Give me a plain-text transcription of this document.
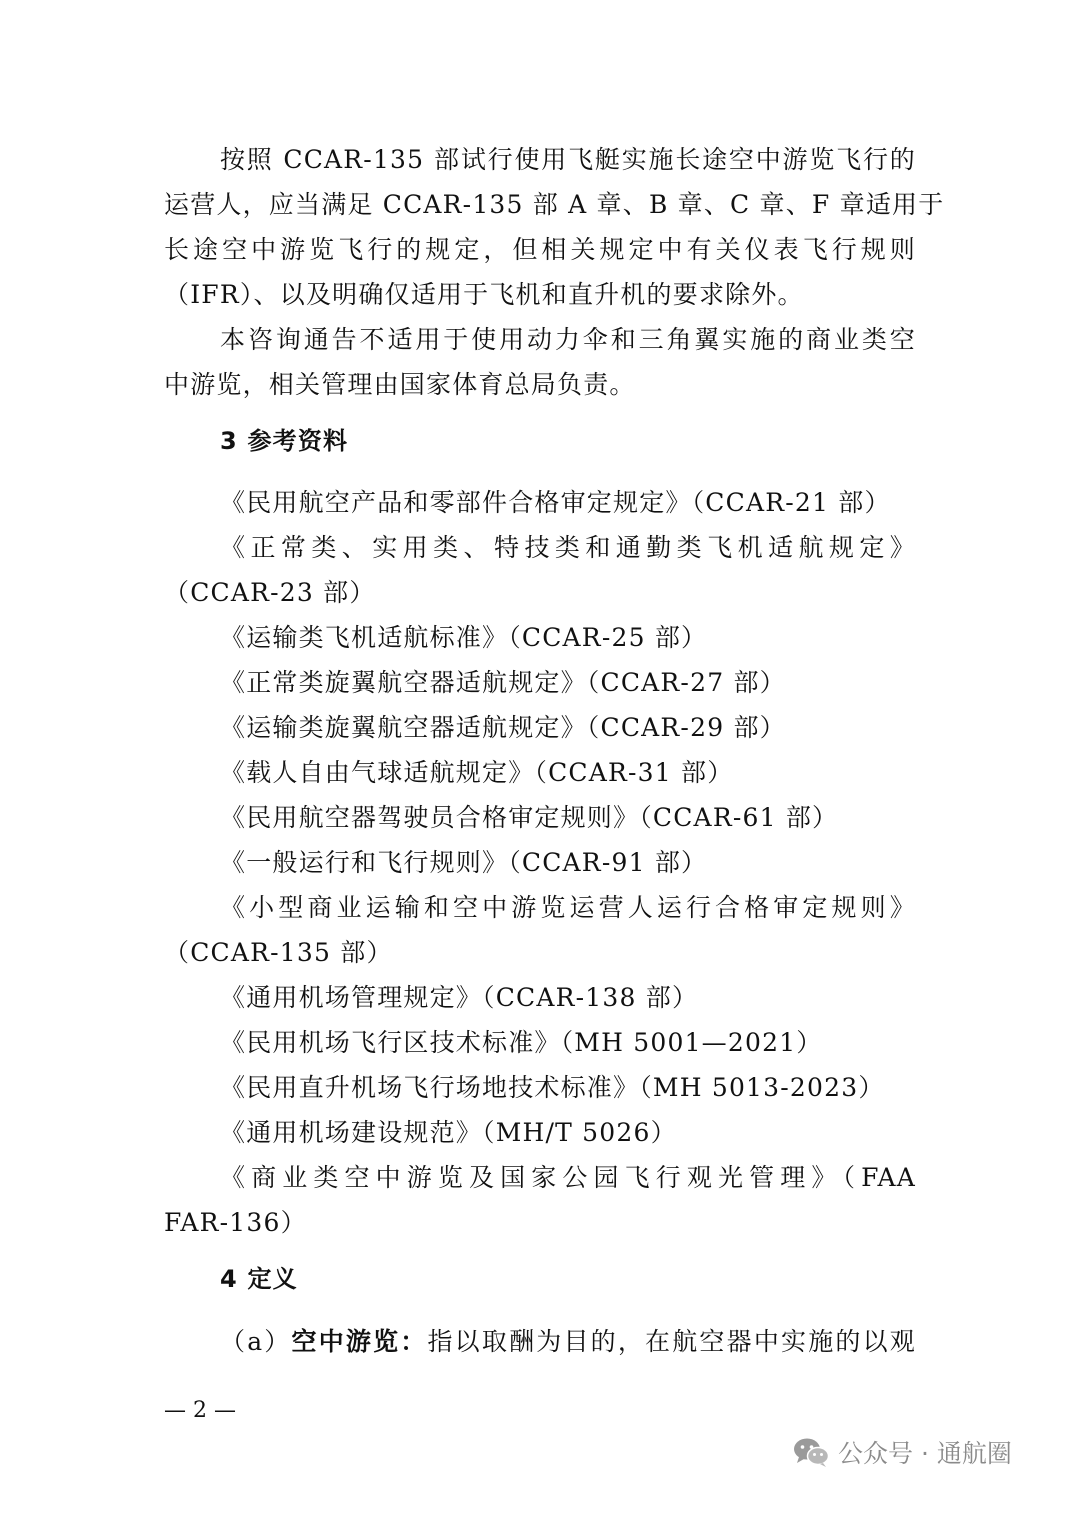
按照 CCAR-135 部试行使用飞艇实施长途空中游览飞行的
运营人，应当满足 CCAR-135 部 A 章、B 章、C 章、F 章适用于
长途空中游览飞行的规定，但相关规定中有关仪表飞行规则
（IFR）、以及明确仅适用于飞机和直升机的要求除外。
本咨询通告不适用于使用动力伞和三角翼实施的商业类空
中游览，相关管理由国家体育总局负责。
3 参考资料
《民用航空产品和零部件合格审定规定》（CCAR-21 部）
《正常类、实用类、特技类和通勤类飞机适航规定》
（CCAR-23 部）
《运输类飞机适航标准》（CCAR-25 部）
《正常类旋翼航空器适航规定》（CCAR-27 部）
《运输类旋翼航空器适航规定》（CCAR-29 部）
《载人自由气球适航规定》（CCAR-31 部）
《民用航空器驾驶员合格审定规则》（CCAR-61 部）
《一般运行和飞行规则》（CCAR-91 部）
《小型商业运输和空中游览运营人运行合格审定规则》
（CCAR-135 部）
《通用机场管理规定》（CCAR-138 部）
《民用机场飞行区技术标准》（MH 5001—2021）
《民用直升机场飞行场地技术标准》（MH 5013-2023）
《通用机场建设规范》（MH/T 5026）
《商业类空中游览及国家公园飞行观光管理》（FAA
FAR-136）
4 定义
（a）空中游览：指以取酬为目的，在航空器中实施的以观
— 2 —
公众号 · 通航圈
